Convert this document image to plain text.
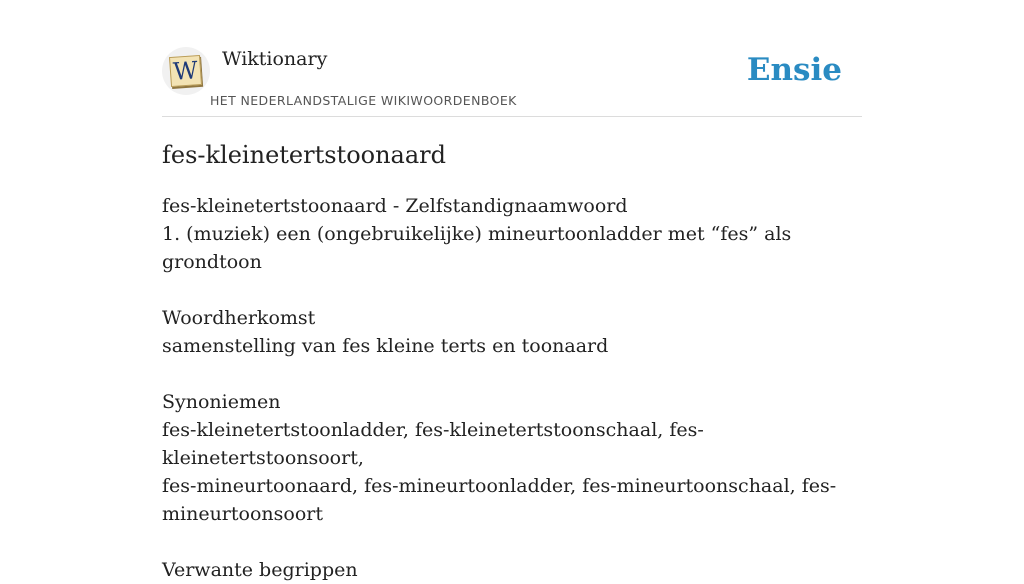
W Wiktionary
HET NEDERLANDSTALIGE WIKIWOORDENBOEK
Ensie
fes-kleinetertstoonaard
fes-kleinetertstoonaard - Zelfstandignaamwoord
1. (muziek) een (ongebruikelijke) mineurtoonladder met “fes” als grondtoon
Woordherkomst
samenstelling van fes kleine terts en toonaard
Synoniemen
fes-kleinetertstoonladder, fes-kleinetertstoonschaal, fes-kleinetertstoonsoort,
fes-mineurtoonaard, fes-mineurtoonladder, fes-mineurtoonschaal, fes-
mineurtoonsoort
Verwante begrippen
